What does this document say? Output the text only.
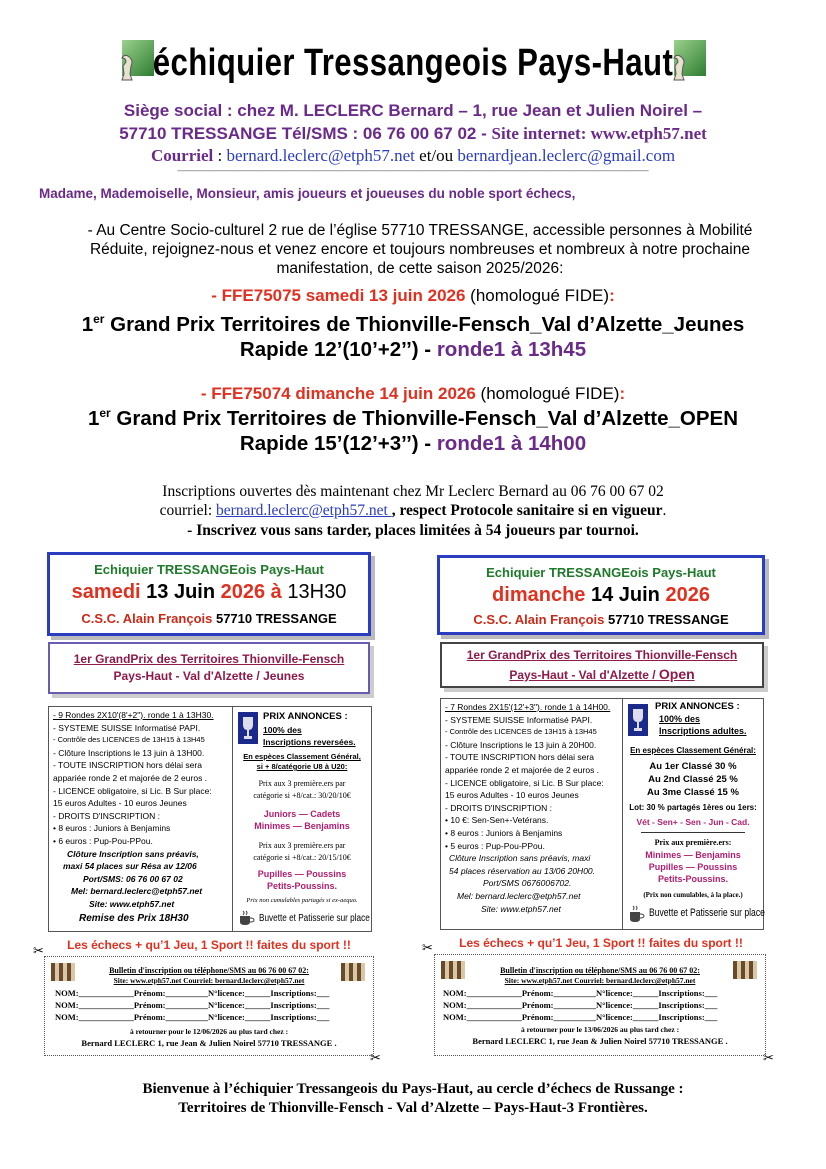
échiquier Tressangeois Pays-Haut
Siège social : chez M. LECLERC Bernard – 1, rue Jean et Julien Noirel –
57710 TRESSANGE Tél/SMS : 06 76 00 67 02 - Site internet: www.etph57.net
Courriel : bernard.leclerc@etph57.net et/ou bernardjean.leclerc@gmail.com
_____________________________________________________________________________
Madame, Mademoiselle, Monsieur, amis joueurs et joueuses du noble sport échecs,
- Au Centre Socio-culturel 2 rue de l’église 57710 TRESSANGE, accessible personnes à Mobilité
Réduite, rejoignez-nous et venez encore et toujours nombreuses et nombreux à notre prochaine
manifestation, de cette saison 2025/2026:
- FFE75075 samedi 13 juin 2026 (homologué FIDE):
1er Grand Prix Territoires de Thionville-Fensch_Val d’Alzette_Jeunes
Rapide 12’(10’+2’’) - ronde1 à 13h45
- FFE75074 dimanche 14 juin 2026 (homologué FIDE):
1er Grand Prix Territoires de Thionville-Fensch_Val d’Alzette_OPEN
Rapide 15’(12’+3’’) - ronde1 à 14h00
Inscriptions ouvertes dès maintenant chez Mr Leclerc Bernard au 06 76 00 67 02
courriel: bernard.leclerc@etph57.net , respect Protocole sanitaire si en vigueur.
- Inscrivez vous sans tarder, places limitées à 54 joueurs par tournoi.
Echiquier TRESSANGEois Pays-Haut
samedi 13 Juin 2026 à 13H30
C.S.C. Alain François 57710 TRESSANGE
1er GrandPrix des Territoires Thionville-Fensch
Pays-Haut - Val d'Alzette / Jeunes
- 9 Rondes 2X10'(8'+2"). ronde 1 à 13H30.
- SYSTEME SUISSE Informatisé PAPI.
- Contrôle des LICENCES de 13H15 à 13H45
- Clôture Inscriptions le 13 juin à 13H00.
- TOUTE INSCRIPTION hors délai sera
appariée ronde 2 et majorée de 2 euros .
- LICENCE obligatoire, si Lic. B Sur place:
15 euros Adultes - 10 euros Jeunes
- DROITS D'INSCRIPTION :
• 8 euros : Juniors à Benjamins
• 6 euros : Pup-Pou-PPou.
Clôture Inscription sans préavis,
maxi 54 places sur Résa av 12/06
Port/SMS: 06 76 00 67 02
Mel: bernard.leclerc@etph57.net
Site: www.etph57.net
Remise des Prix 18H30
PRIX ANNONCES :
100% des
Inscriptions reversées.
En espèces Classement Général,
si + 8/catégorie U8 à U20:
Prix aux 3 première.ers par
catégorie si +8/cat.: 30/20/10€
Juniors — Cadets
Minimes — Benjamins
Prix aux 3 première.ers par
catégorie si +8/cat.: 20/15/10€
Pupilles — Poussins
Petits-Poussins.
Prix non cumulables partagés si ex-aequo.
Buvette et Patisserie sur place
Les échecs + qu’1 Jeu, 1 Sport !! faites du sport !!
✂
✂
Bulletin d'inscription ou téléphone/SMS au 06 76 00 67 02:
Site: www.etph57.net Courriel: bernard.leclerc@etph57.net
NOM:_____________Prénom:__________N°licence:______Inscriptions:___
NOM:_____________Prénom:__________N°licence:______Inscriptions:___
NOM:_____________Prénom:__________N°licence:______Inscriptions:___
à retourner pour le 12/06/2026 au plus tard chez :
Bernard LECLERC 1, rue Jean & Julien Noirel 57710 TRESSANGE .
Echiquier TRESSANGEois Pays-Haut
dimanche 14 Juin 2026
C.S.C. Alain François 57710 TRESSANGE
1er GrandPrix des Territoires Thionville-Fensch
Pays-Haut - Val d'Alzette / Open
- 7 Rondes 2X15'(12'+3"). ronde 1 à 14H00.
- SYSTEME SUISSE Informatisé PAPI.
- Contrôle des LICENCES de 13H15 à 13H45
- Clôture Inscriptions le 13 juin à 20H00.
- TOUTE INSCRIPTION hors délai sera
appariée ronde 2 et majorée de 2 euros .
- LICENCE obligatoire, si Lic. B Sur place:
15 euros Adultes - 10 euros Jeunes
- DROITS D'INSCRIPTION :
• 10 €: Sen-Sen+-Vetérans.
• 8 euros : Juniors à Benjamins
• 5 euros : Pup-Pou-PPou.
Clôture Inscription sans préavis, maxi
54 places réservation au 13/06 20H00.
Port/SMS 0676006702.
Mel: bernard.leclerc@etph57.net
Site: www.etph57.net
PRIX ANNONCES :
100% des
Inscriptions adultes.
En espèces Classement Général:
Au 1er Classé 30 %
Au 2nd Classé 25 %
Au 3me Classé 15 %
Lot: 30 % partagés 1ères ou 1ers:
Vét - Sen+ - Sen - Jun - Cad.
Prix aux première.ers:
Minimes — Benjamins
Pupilles — Poussins
Petits-Poussins.
(Prix non cumulables, à la place.)
Buvette et Patisserie sur place
Les échecs + qu’1 Jeu, 1 Sport !! faites du sport !!
✂
✂
Bulletin d'inscription ou téléphone/SMS au 06 76 00 67 02:
Site: www.etph57.net Courriel: bernard.leclerc@etph57.net
NOM:_____________Prénom:__________N°licence:______Inscriptions:___
NOM:_____________Prénom:__________N°licence:______Inscriptions:___
NOM:_____________Prénom:__________N°licence:______Inscriptions:___
à retourner pour le 13/06/2026 au plus tard chez :
Bernard LECLERC 1, rue Jean & Julien Noirel 57710 TRESSANGE .
Bienvenue à l’échiquier Tressangeois du Pays-Haut, au cercle d’échecs de Russange :
Territoires de Thionville-Fensch - Val d’Alzette – Pays-Haut-3 Frontières.
